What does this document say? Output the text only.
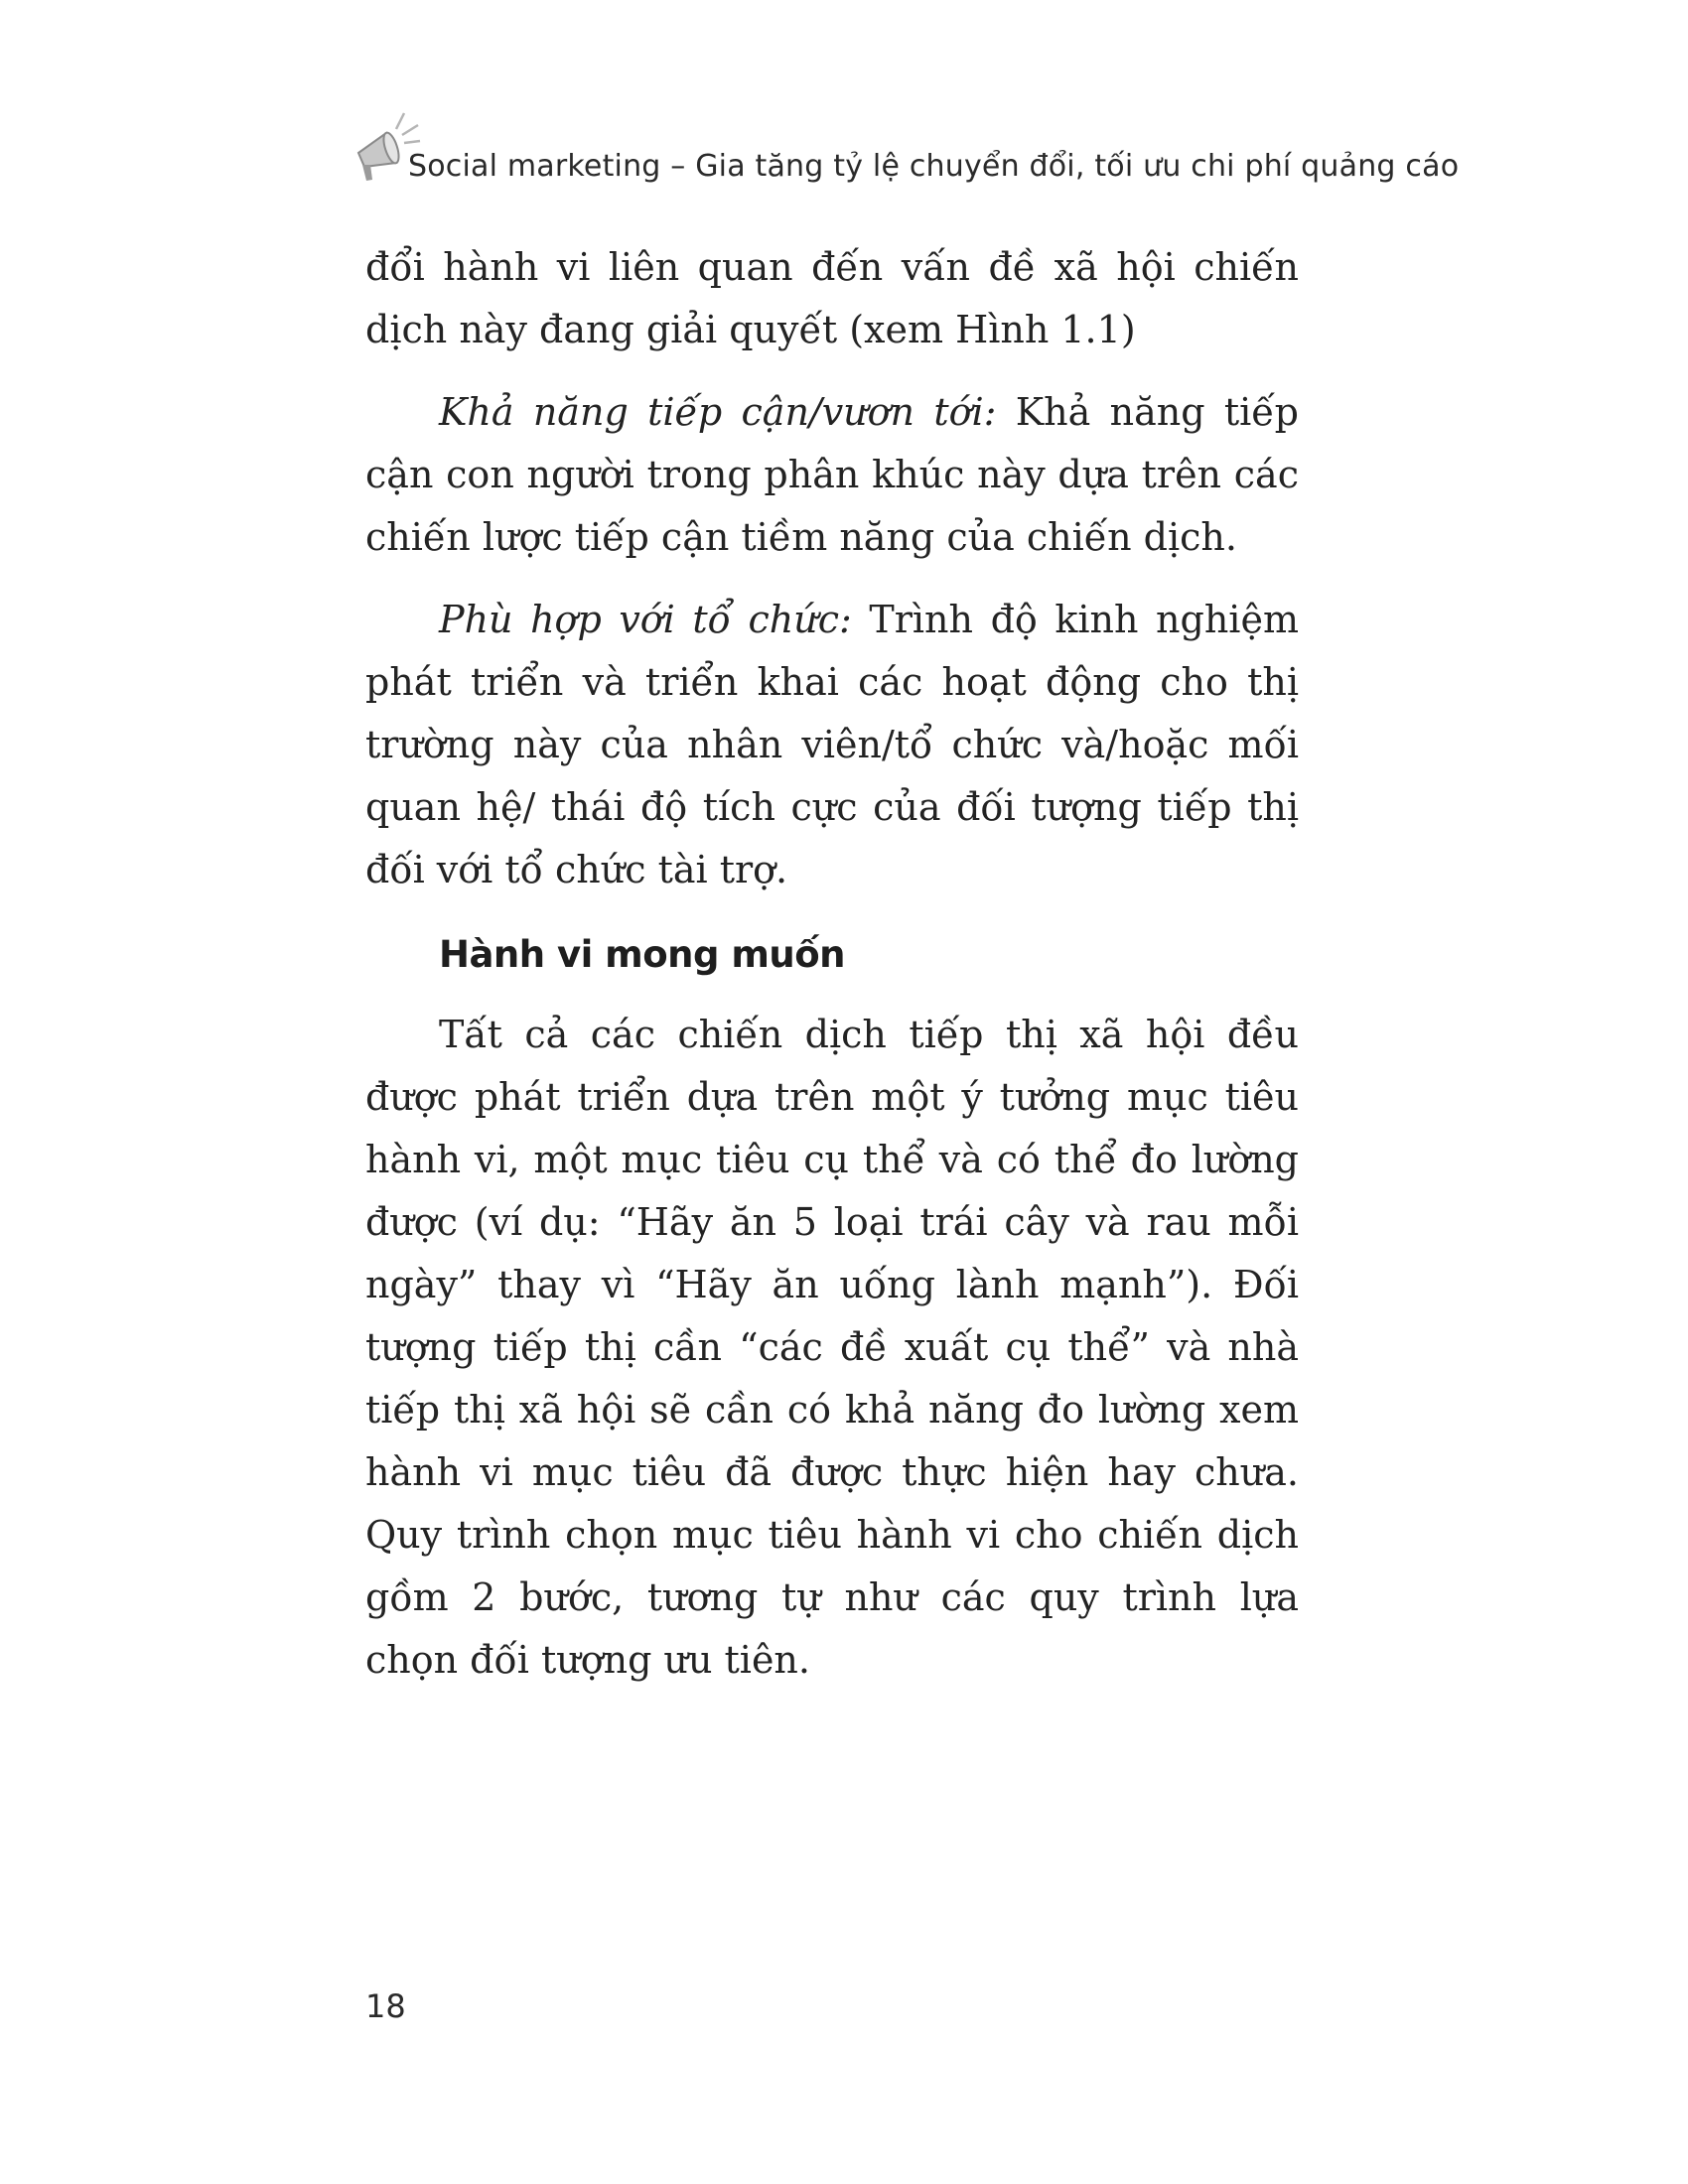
Social marketing – Gia tăng tỷ lệ chuyển đổi, tối ưu chi phí quảng cáo

đổi hành vi liên quan đến vấn đề xã hội chiến dịch này đang giải quyết (xem Hình 1.1)

Khả năng tiếp cận/vươn tới: Khả năng tiếp cận con người trong phân khúc này dựa trên các chiến lược tiếp cận tiềm năng của chiến dịch.

Phù hợp với tổ chức: Trình độ kinh nghiệm phát triển và triển khai các hoạt động cho thị trường này của nhân viên/tổ chức và/hoặc mối quan hệ/ thái độ tích cực của đối tượng tiếp thị đối với tổ chức tài trợ.

Hành vi mong muốn

Tất cả các chiến dịch tiếp thị xã hội đều được phát triển dựa trên một ý tưởng mục tiêu hành vi, một mục tiêu cụ thể và có thể đo lường được (ví dụ: “Hãy ăn 5 loại trái cây và rau mỗi ngày” thay vì “Hãy ăn uống lành mạnh”). Đối tượng tiếp thị cần “các đề xuất cụ thể” và nhà tiếp thị xã hội sẽ cần có khả năng đo lường xem hành vi mục tiêu đã được thực hiện hay chưa. Quy trình chọn mục tiêu hành vi cho chiến dịch gồm 2 bước, tương tự như các quy trình lựa chọn đối tượng ưu tiên.

18
